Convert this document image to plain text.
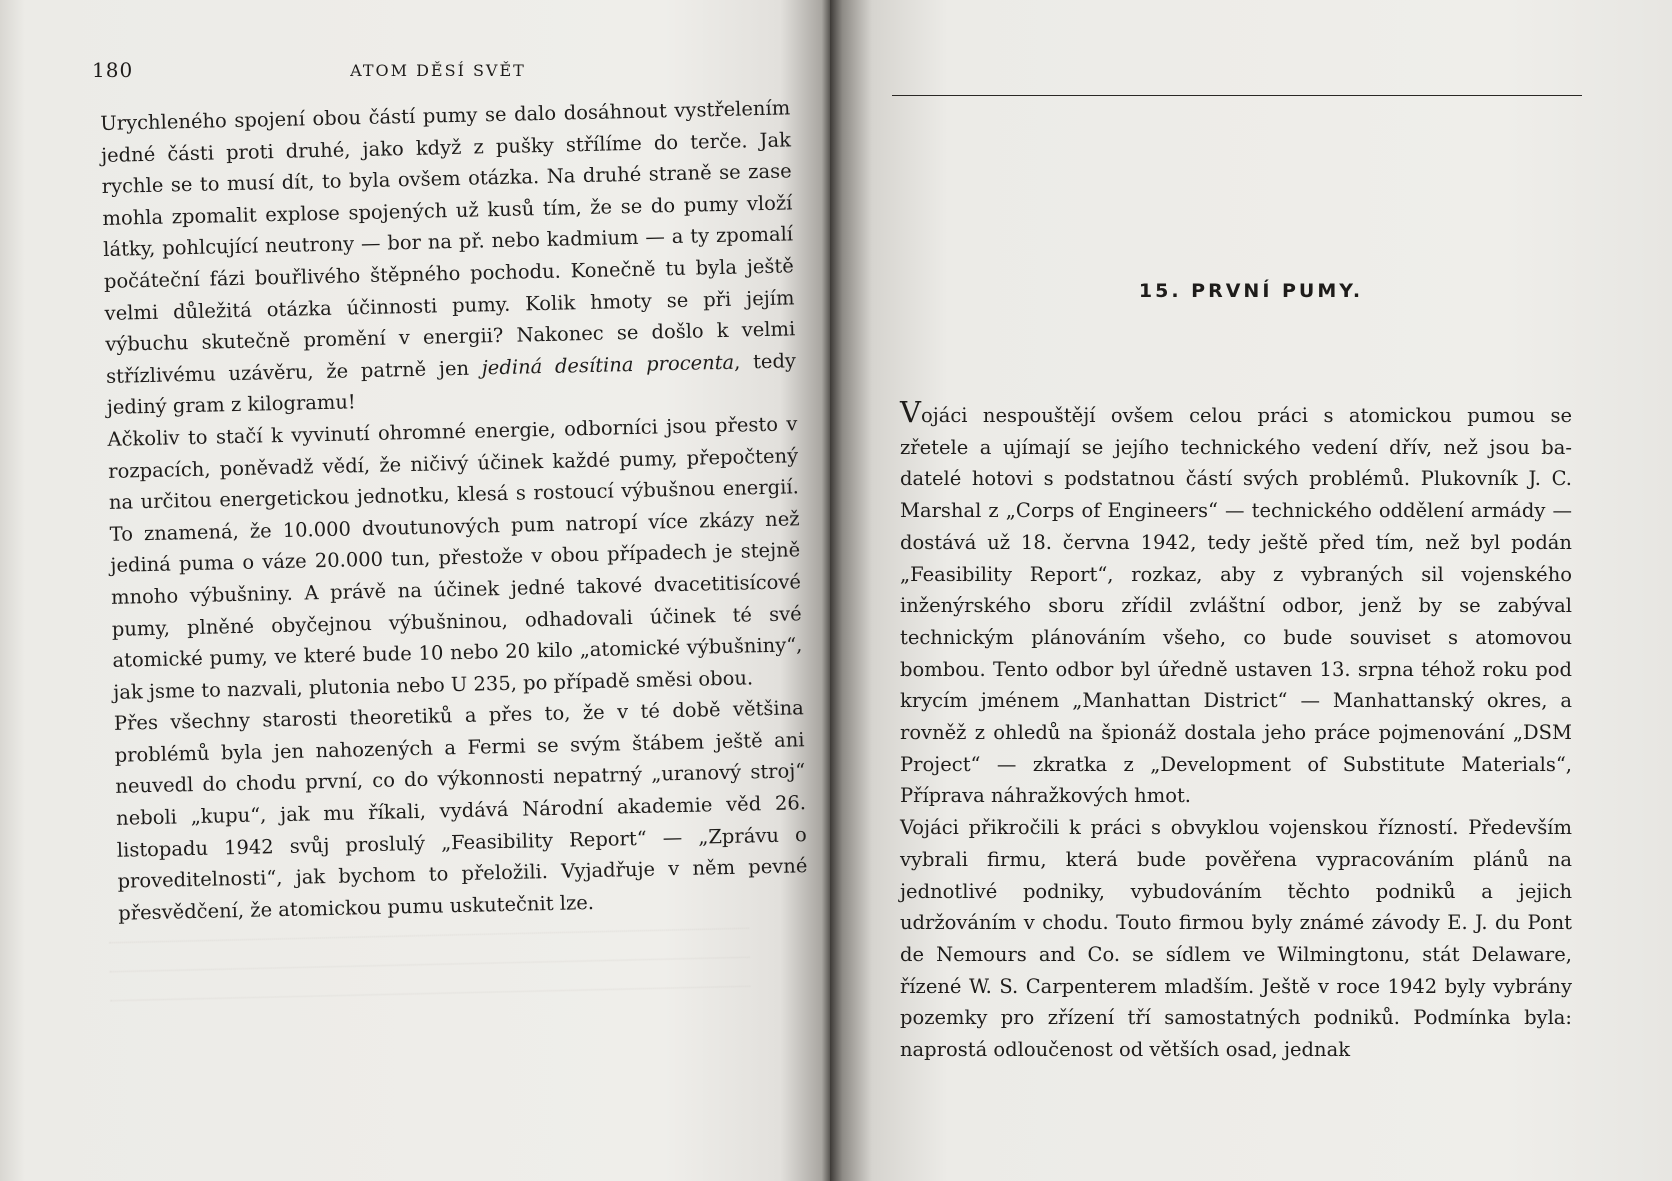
180	ATOM DĚSÍ SVĚT

Urychleného spojení obou částí pumy se dalo dosáhnout vystřelením jedné části proti druhé, jako když z pušky střílíme do terče. Jak rychle se to musí dít, to byla ovšem otázka. Na druhé straně se zase mohla zpomalit explose spojených už kusů tím, že se do pumy vloží látky, pohlcující neutrony — bor na př. nebo kadmium — a ty zpomalí počáteční fázi bouřlivého štěpného pochodu. Konečně tu byla ještě velmi důležitá otázka účinnosti pumy. Kolik hmoty se při jejím výbuchu skutečně promění v energii? Nakonec se došlo k velmi střízlivému uzávěru, že patrně jen jediná desítina procenta, tedy jediný gram z kilogramu!

Ačkoliv to stačí k vyvinutí ohromné energie, odborníci jsou přesto v rozpacích, poněvadž vědí, že ničivý účinek každé pumy, přepočtený na určitou energetickou jednotku, klesá s rostoucí výbušnou energií. To znamená, že 10.000 dvoutunových pum natropí více zkázy než jediná puma o váze 20.000 tun, přestože v obou případech je stejně mnoho výbušniny. A právě na účinek jedné takové dvacetitisícové pumy, plněné obyčejnou výbušninou, odhadovali účinek té své atomické pumy, ve které bude 10 nebo 20 kilo „atomické výbušniny“, jak jsme to nazvali, plutonia nebo U 235, po případě směsi obou.

Přes všechny starosti theoretiků a přes to, že v té době většina problémů byla jen nahozených a Fermi se svým štábem ještě ani neuvedl do chodu první, co do výkonnosti nepatrný „uranový stroj“ neboli „kupu“, jak mu říkali, vydává Národní akademie věd 26. listopadu 1942 svůj proslulý „Feasibility Report“ — „Zprávu o proveditelnosti“, jak bychom to přeložili. Vyjadřuje v něm pevné přesvědčení, že atomickou pumu uskutečnit lze.

15. PRVNÍ PUMY.

Vojáci nespouštějí ovšem celou práci s atomickou pumou se zřetele a ujímají se jejího technického vedení dřív, než jsou badatelé hotovi s podstatnou částí svých problémů. Plukovník J. C. Marshal z „Corps of Engineers“ — technického oddělení armády — dostává už 18. června 1942, tedy ještě před tím, než byl podán „Feasibility Report“, rozkaz, aby z vybraných sil vojenského inženýrského sboru zřídil zvláštní odbor, jenž by se zabýval technickým plánováním všeho, co bude souviset s atomovou bombou. Tento odbor byl úředně ustaven 13. srpna téhož roku pod krycím jménem „Manhattan District“ — Manhattanský okres, a rovněž z ohledů na špionáž dostala jeho práce pojmenování „DSM Project“ — zkratka z „Development of Substitute Materials“, Příprava náhražkových hmot.

Vojáci přikročili k práci s obvyklou vojenskou řízností. Především vybrali firmu, která bude pověřena vypracováním plánů na jednotlivé podniky, vybudováním těchto podniků a jejich udržováním v chodu. Touto firmou byly známé závody E. J. du Pont de Nemours and Co. se sídlem ve Wilmingtonu, stát Delaware, řízené W. S. Carpenterem mladším. Ještě v roce 1942 byly vybrány pozemky pro zřízení tří samostatných podniků. Podmínka byla: naprostá odloučenost od větších osad, jednak
